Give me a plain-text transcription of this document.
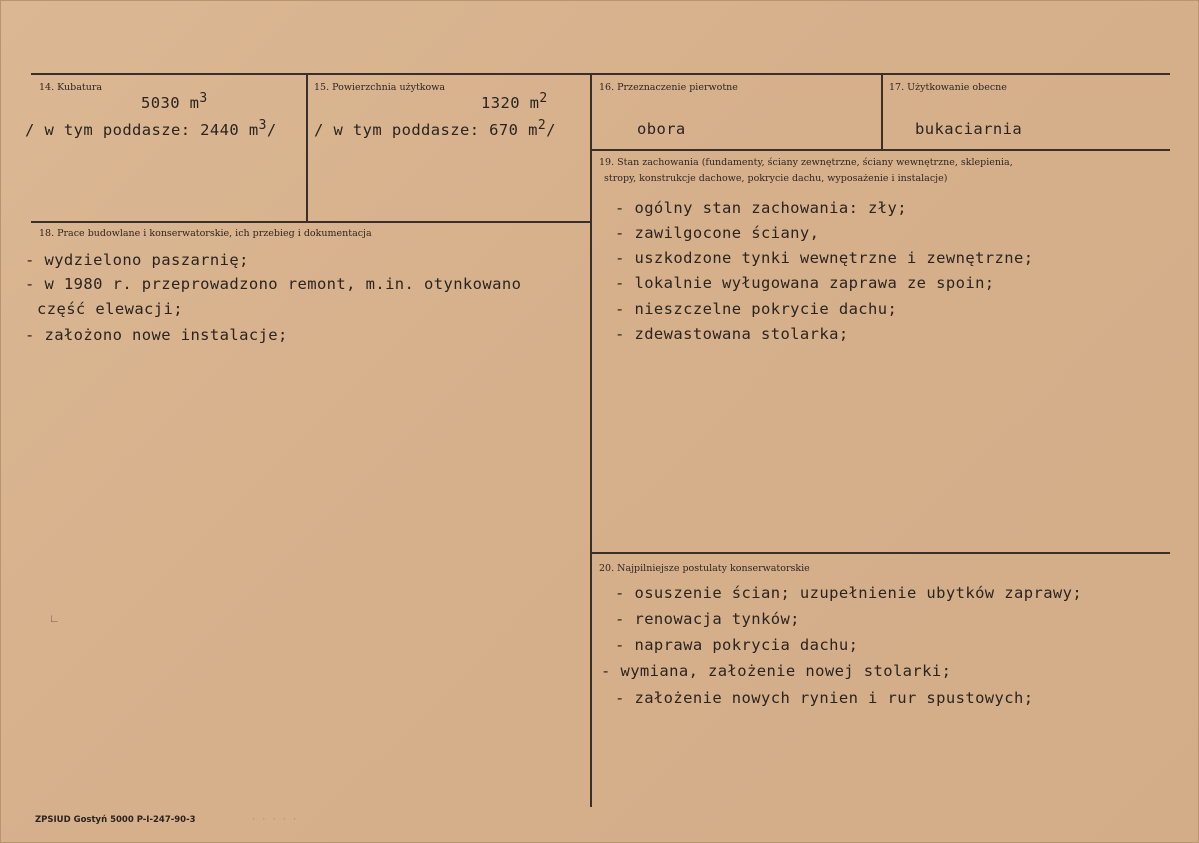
14. Kubatura
5030 $m^3$
/ w tym poddasze: 2440 $m^3/$
15. Powierzchnia użytkowa
1320 $m^2$
/ w tym poddasze: 670 $m^2/$
16. Przeznaczenie pierwotne
obora
17. Użytkowanie obecne
bukaciarnia
19. Stan zachowania (fundamenty, ściany zewnętrzne, ściany wewnętrzne, sklepienia,
stropy, konstrukcje dachowe, pokrycie dachu, wyposażenie i instalacje)
- ogólny stan zachowania: zły;
- zawilgocone ściany,
- uszkodzone tynki wewnętrzne i zewnętrzne;
- lokalnie wyługowana zaprawa ze spoin;
- nieszczelne pokrycie dachu;
- zdewastowana stolarka;
18. Prace budowlane i konserwatorskie, ich przebieg i dokumentacja
- wydzielono paszarnię;
- w 1980 r. przeprowadzono remont, m.in. otynkowano
część elewacji;
- założono nowe instalacje;
20. Najpilniejsze postulaty konserwatorskie
- osuszenie ścian; uzupełnienie ubytków zaprawy;
- renowacja tynków;
- naprawa pokrycia dachu;
- wymiana, założenie nowej stolarki;
- założenie nowych rynien i rur spustowych;
∟
· · · · ·
ZPSIUD Gostyń 5000 P-I-247-90-3
